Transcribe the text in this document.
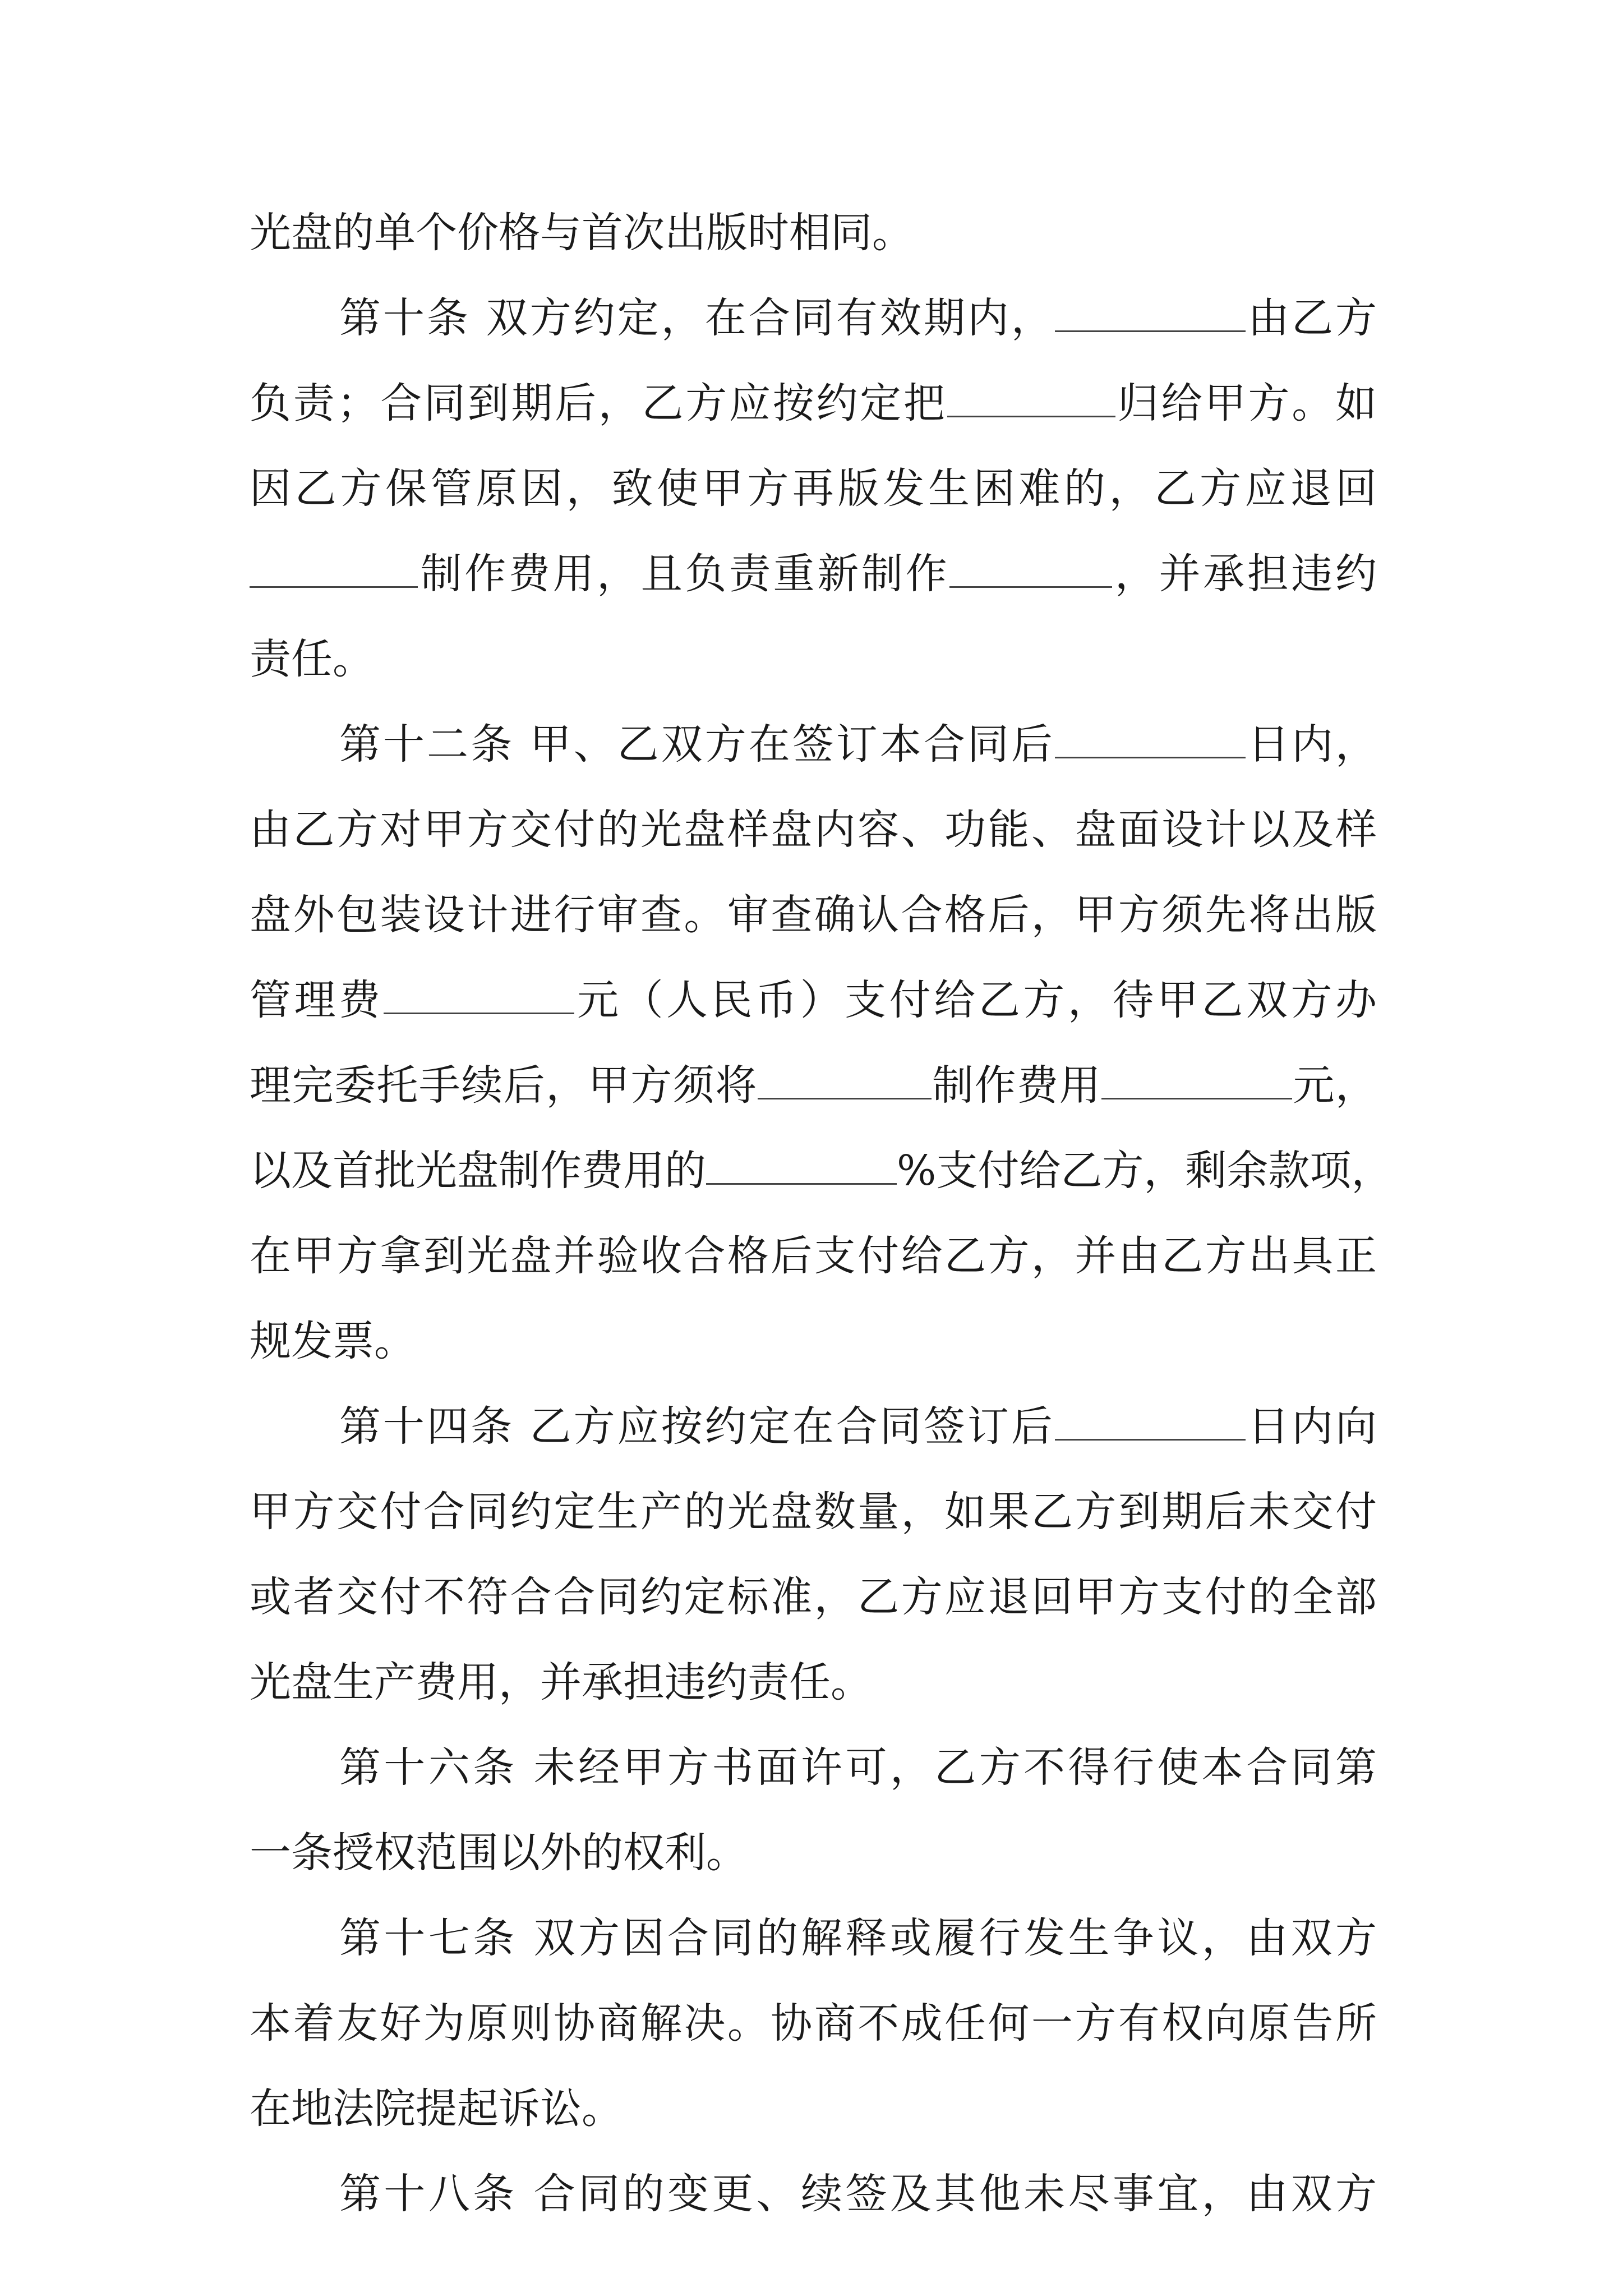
光盘的单个价格与首次出版时相同。
第十条 双方约定，在合同有效期内，	由乙方
负责；合同到期后，乙方应按约定把	归给甲方。如
因乙方保管原因，致使甲方再版发生困难的，乙方应退回
制作费用，且负责重新制作	，并承担违约
责任。
第十二条 甲、乙双方在签订本合同后	日内，
由乙方对甲方交付的光盘样盘内容、功能、盘面设计以及样
盘外包装设计进行审查。审查确认合格后，甲方须先将出版
管理费	元（人民币）支付给乙方，待甲乙双方办
理完委托手续后，甲方须将	制作费用	元，
以及首批光盘制作费用的	%支付给乙方，剩余款项，
在甲方拿到光盘并验收合格后支付给乙方，并由乙方出具正
规发票。
第十四条 乙方应按约定在合同签订后	日内向
甲方交付合同约定生产的光盘数量，如果乙方到期后未交付
或者交付不符合合同约定标准，乙方应退回甲方支付的全部
光盘生产费用，并承担违约责任。
第十六条 未经甲方书面许可，乙方不得行使本合同第
一条授权范围以外的权利。
第十七条 双方因合同的解释或履行发生争议，由双方
本着友好为原则协商解决。协商不成任何一方有权向原告所
在地法院提起诉讼。
第十八条 合同的变更、续签及其他未尽事宜，由双方
